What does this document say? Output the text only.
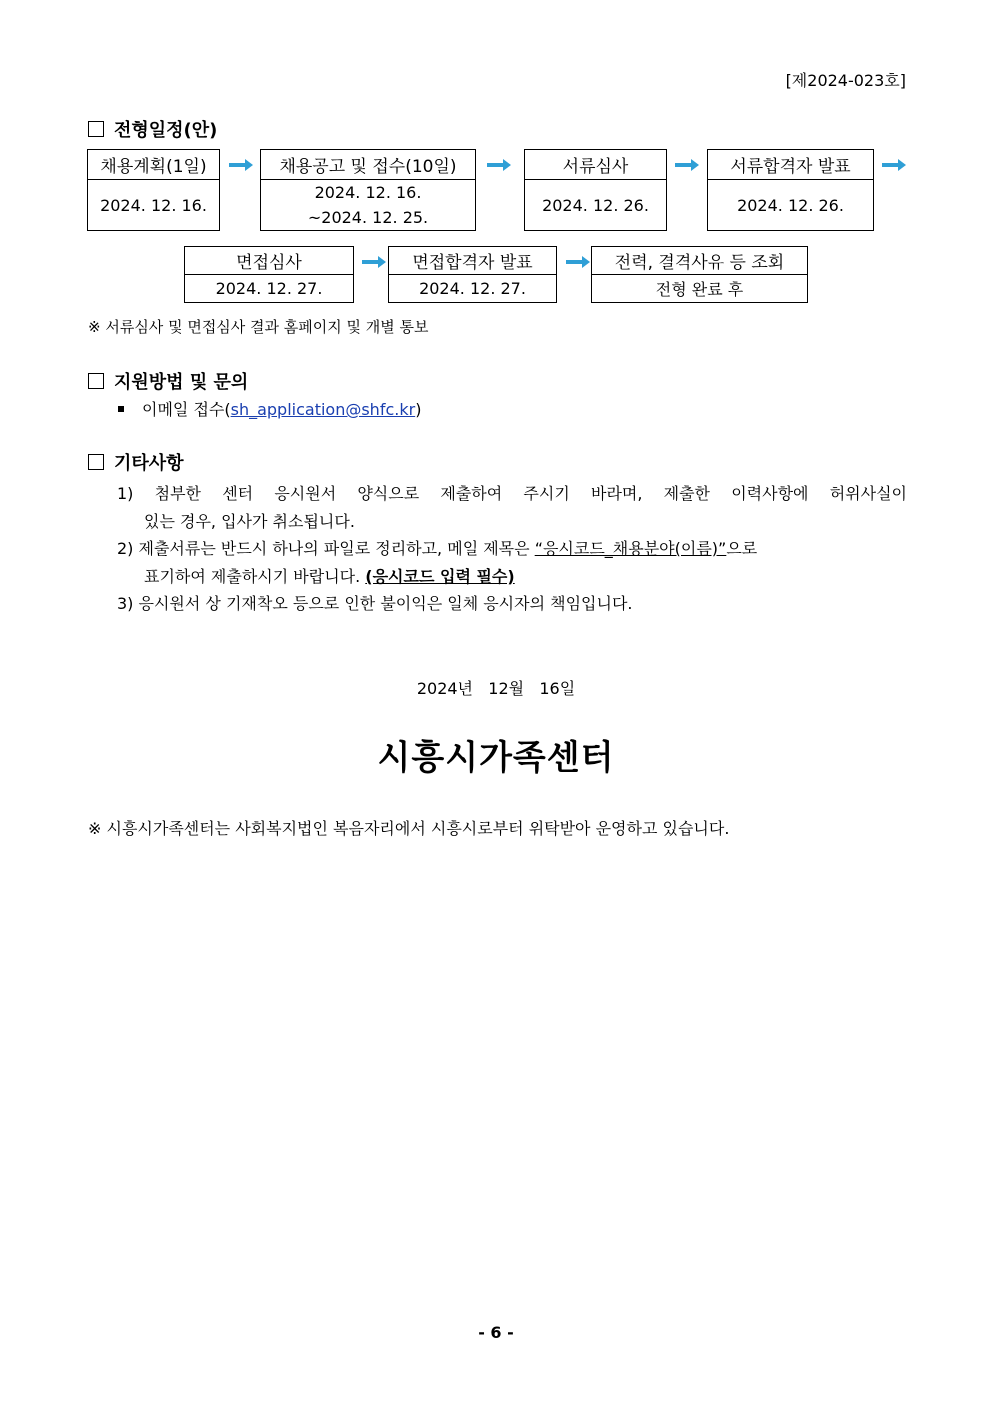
[제2024-023호]
전형일정(안)
채용계획(1일)
2024. 12. 16.
채용공고 및 접수(10일)
2024. 12. 16.
~2024. 12. 25.
서류심사
2024. 12. 26.
서류합격자 발표
2024. 12. 26.
면접심사
2024. 12. 27.
면접합격자 발표
2024. 12. 27.
전력, 결격사유 등 조회
전형 완료 후
※ 서류심사 및 면접심사 결과 홈페이지 및 개별 통보
지원방법 및 문의
이메일 접수(sh_application@shfc.kr)
기타사항
1) 첨부한 센터 응시원서 양식으로 제출하여 주시기 바라며, 제출한 이력사항에 허위사실이
있는 경우, 입사가 취소됩니다.
2) 제출서류는 반드시 하나의 파일로 정리하고, 메일 제목은 “응시코드_채용분야(이름)”으로
표기하여 제출하시기 바랍니다. (응시코드 입력 필수)
3) 응시원서 상 기재착오 등으로 인한 불이익은 일체 응시자의 책임입니다.
2024년   12월   16일
시흥시가족센터
※ 시흥시가족센터는 사회복지법인 복음자리에서 시흥시로부터 위탁받아 운영하고 있습니다.
- 6 -
